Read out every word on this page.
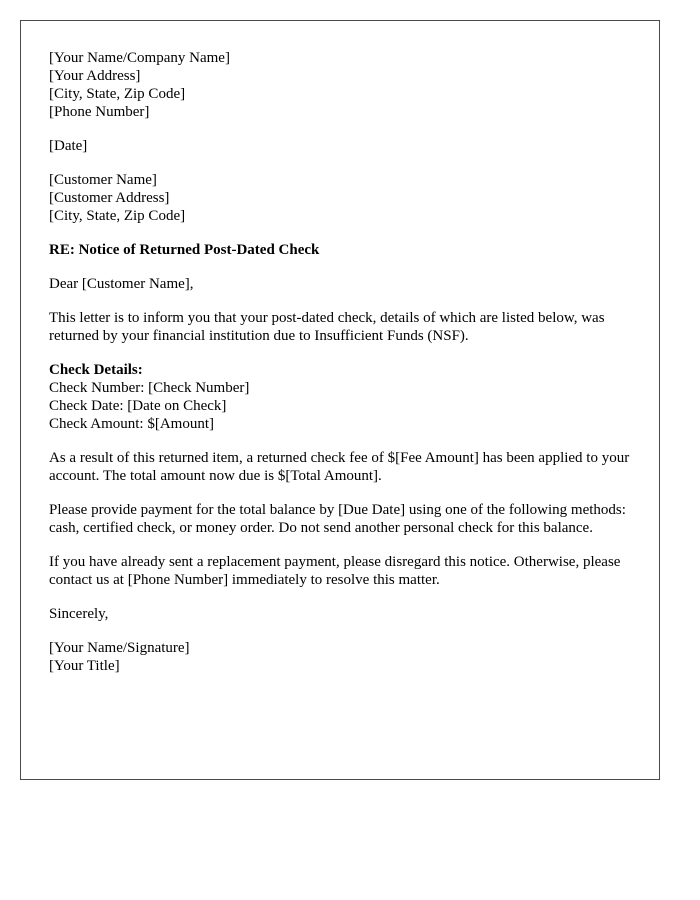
[Your Name/Company Name]
[Your Address]
[City, State, Zip Code]
[Phone Number]
[Date]
[Customer Name]
[Customer Address]
[City, State, Zip Code]
RE: Notice of Returned Post-Dated Check
Dear [Customer Name],

This letter is to inform you that your post-dated check, details of which are listed below, was returned by your financial institution due to Insufficient Funds (NSF).

Check Details:
Check Number: [Check Number]
Check Date: [Date on Check]
Check Amount: $[Amount]

As a result of this returned item, a returned check fee of $[Fee Amount] has been applied to your account. The total amount now due is $[Total Amount].

Please provide payment for the total balance by [Due Date] using one of the following methods: cash, certified check, or money order. Do not send another personal check for this balance.

If you have already sent a replacement payment, please disregard this notice. Otherwise, please contact us at [Phone Number] immediately to resolve this matter.

Sincerely,
[Your Name/Signature]
[Your Title]
